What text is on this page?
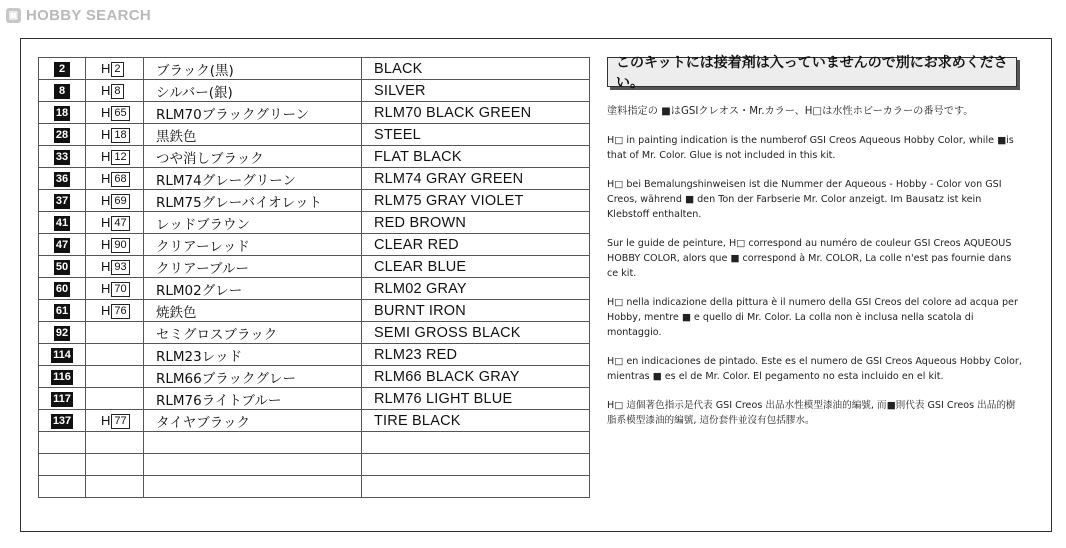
▣ HOBBY SEARCH
2	H 2	ブラック(黒)	BLACK
8	H 8	シルバー(銀)	SILVER
18	H 65	RLM70ブラックグリーン	RLM70 BLACK GREEN
28	H 18	黒鉄色	STEEL
33	H 12	つや消しブラック	FLAT BLACK
36	H 68	RLM74グレーグリーン	RLM74 GRAY GREEN
37	H 69	RLM75グレーバイオレット	RLM75 GRAY VIOLET
41	H 47	レッドブラウン	RED BROWN
47	H 90	クリアーレッド	CLEAR RED
50	H 93	クリアーブルー	CLEAR BLUE
60	H 70	RLM02グレー	RLM02 GRAY
61	H 76	焼鉄色	BURNT IRON
92		セミグロスブラック	SEMI GROSS BLACK
114		RLM23レッド	RLM23 RED
116		RLM66ブラックグレー	RLM66 BLACK GRAY
117		RLM76ライトブルー	RLM76 LIGHT BLUE
137	H 77	タイヤブラック	TIRE BLACK

このキットには接着剤は入っていませんので別にお求めください。

塗料指定の ■はGSIクレオス・Mr.カラー、H□は水性ホビーカラーの番号です。

H□ in painting indication is the numberof GSI Creos Aqueous Hobby Color, while ■is that of Mr. Color. Glue is not included in this kit.

H□ bei Bemalungshinweisen ist die Nummer der Aqueous - Hobby - Color von GSI Creos, während ■ den Ton der Farbserie Mr. Color anzeigt. Im Bausatz ist kein Klebstoff enthalten.

Sur le guide de peinture, H□ correspond au numéro de couleur GSI Creos AQUEOUS HOBBY COLOR, alors que ■ correspond à Mr. COLOR, La colle n'est pas fournie dans ce kit.

H□ nella indicazione della pittura è il numero della GSI Creos del colore ad acqua per Hobby, mentre ■ e quello di Mr. Color. La colla non è inclusa nella scatola di montaggio.

H□ en indicaciones de pintado. Este es el numero de GSI Creos Aqueous Hobby Color, mientras ■ es el de Mr. Color. El pegamento no esta incluido en el kit.

H□ 這個著色指示是代表 GSI Creos 出品水性模型漆油的編號, 而■則代表 GSI Creos 出品的樹脂系模型漆油的編號, 這份套件並沒有包括膠水。
